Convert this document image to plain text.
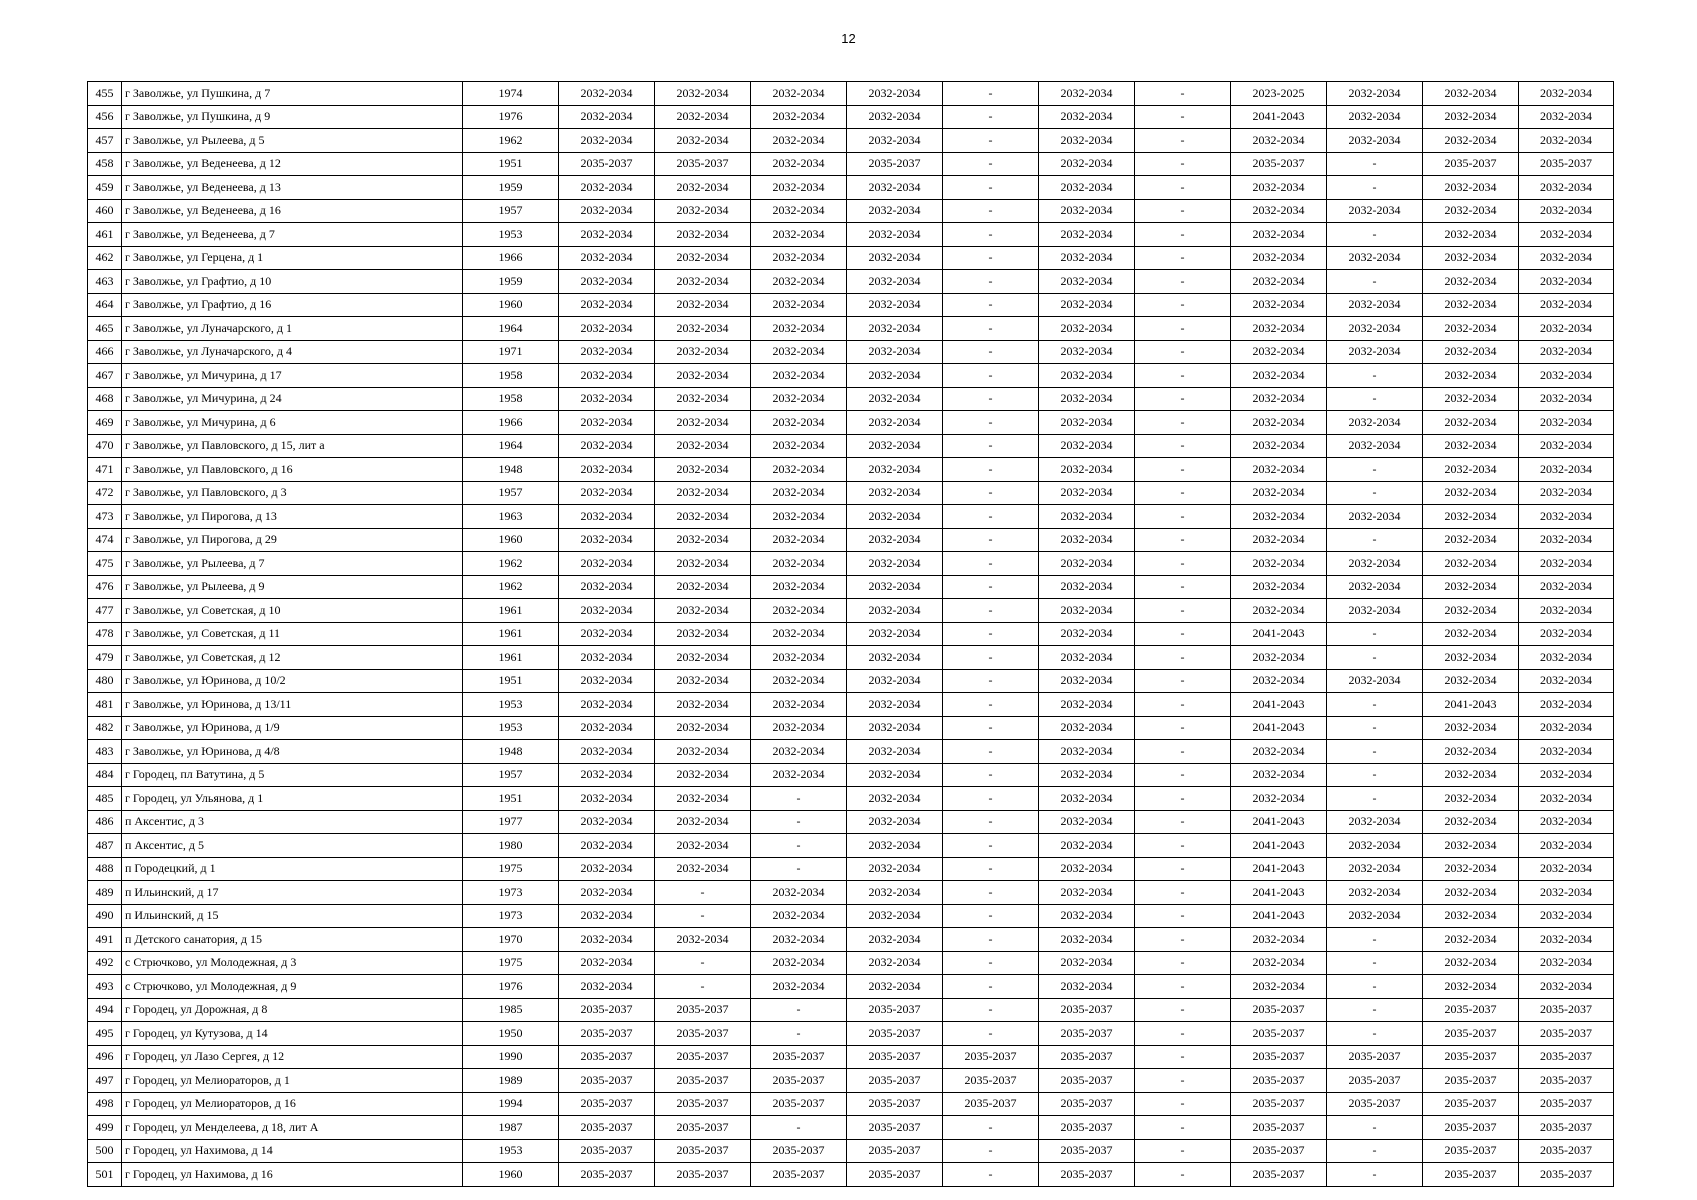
12
455	г Заволжье, ул Пушкина, д 7	1974	2032-2034	2032-2034	2032-2034	2032-2034	-	2032-2034	-	2023-2025	2032-2034	2032-2034	2032-2034
456	г Заволжье, ул Пушкина, д 9	1976	2032-2034	2032-2034	2032-2034	2032-2034	-	2032-2034	-	2041-2043	2032-2034	2032-2034	2032-2034
457	г Заволжье, ул Рылеева, д 5	1962	2032-2034	2032-2034	2032-2034	2032-2034	-	2032-2034	-	2032-2034	2032-2034	2032-2034	2032-2034
458	г Заволжье, ул Веденеева, д 12	1951	2035-2037	2035-2037	2032-2034	2035-2037	-	2032-2034	-	2035-2037	-	2035-2037	2035-2037
459	г Заволжье, ул Веденеева, д 13	1959	2032-2034	2032-2034	2032-2034	2032-2034	-	2032-2034	-	2032-2034	-	2032-2034	2032-2034
460	г Заволжье, ул Веденеева, д 16	1957	2032-2034	2032-2034	2032-2034	2032-2034	-	2032-2034	-	2032-2034	2032-2034	2032-2034	2032-2034
461	г Заволжье, ул Веденеева, д 7	1953	2032-2034	2032-2034	2032-2034	2032-2034	-	2032-2034	-	2032-2034	-	2032-2034	2032-2034
462	г Заволжье, ул Герцена, д 1	1966	2032-2034	2032-2034	2032-2034	2032-2034	-	2032-2034	-	2032-2034	2032-2034	2032-2034	2032-2034
463	г Заволжье, ул Графтио, д 10	1959	2032-2034	2032-2034	2032-2034	2032-2034	-	2032-2034	-	2032-2034	-	2032-2034	2032-2034
464	г Заволжье, ул Графтио, д 16	1960	2032-2034	2032-2034	2032-2034	2032-2034	-	2032-2034	-	2032-2034	2032-2034	2032-2034	2032-2034
465	г Заволжье, ул Луначарского, д 1	1964	2032-2034	2032-2034	2032-2034	2032-2034	-	2032-2034	-	2032-2034	2032-2034	2032-2034	2032-2034
466	г Заволжье, ул Луначарского, д 4	1971	2032-2034	2032-2034	2032-2034	2032-2034	-	2032-2034	-	2032-2034	2032-2034	2032-2034	2032-2034
467	г Заволжье, ул Мичурина, д 17	1958	2032-2034	2032-2034	2032-2034	2032-2034	-	2032-2034	-	2032-2034	-	2032-2034	2032-2034
468	г Заволжье, ул Мичурина, д 24	1958	2032-2034	2032-2034	2032-2034	2032-2034	-	2032-2034	-	2032-2034	-	2032-2034	2032-2034
469	г Заволжье, ул Мичурина, д 6	1966	2032-2034	2032-2034	2032-2034	2032-2034	-	2032-2034	-	2032-2034	2032-2034	2032-2034	2032-2034
470	г Заволжье, ул Павловского, д 15, лит а	1964	2032-2034	2032-2034	2032-2034	2032-2034	-	2032-2034	-	2032-2034	2032-2034	2032-2034	2032-2034
471	г Заволжье, ул Павловского, д 16	1948	2032-2034	2032-2034	2032-2034	2032-2034	-	2032-2034	-	2032-2034	-	2032-2034	2032-2034
472	г Заволжье, ул Павловского, д 3	1957	2032-2034	2032-2034	2032-2034	2032-2034	-	2032-2034	-	2032-2034	-	2032-2034	2032-2034
473	г Заволжье, ул Пирогова, д 13	1963	2032-2034	2032-2034	2032-2034	2032-2034	-	2032-2034	-	2032-2034	2032-2034	2032-2034	2032-2034
474	г Заволжье, ул Пирогова, д 29	1960	2032-2034	2032-2034	2032-2034	2032-2034	-	2032-2034	-	2032-2034	-	2032-2034	2032-2034
475	г Заволжье, ул Рылеева, д 7	1962	2032-2034	2032-2034	2032-2034	2032-2034	-	2032-2034	-	2032-2034	2032-2034	2032-2034	2032-2034
476	г Заволжье, ул Рылеева, д 9	1962	2032-2034	2032-2034	2032-2034	2032-2034	-	2032-2034	-	2032-2034	2032-2034	2032-2034	2032-2034
477	г Заволжье, ул Советская, д 10	1961	2032-2034	2032-2034	2032-2034	2032-2034	-	2032-2034	-	2032-2034	2032-2034	2032-2034	2032-2034
478	г Заволжье, ул Советская, д 11	1961	2032-2034	2032-2034	2032-2034	2032-2034	-	2032-2034	-	2041-2043	-	2032-2034	2032-2034
479	г Заволжье, ул Советская, д 12	1961	2032-2034	2032-2034	2032-2034	2032-2034	-	2032-2034	-	2032-2034	-	2032-2034	2032-2034
480	г Заволжье, ул Юринова, д 10/2	1951	2032-2034	2032-2034	2032-2034	2032-2034	-	2032-2034	-	2032-2034	2032-2034	2032-2034	2032-2034
481	г Заволжье, ул Юринова, д 13/11	1953	2032-2034	2032-2034	2032-2034	2032-2034	-	2032-2034	-	2041-2043	-	2041-2043	2032-2034
482	г Заволжье, ул Юринова, д 1/9	1953	2032-2034	2032-2034	2032-2034	2032-2034	-	2032-2034	-	2041-2043	-	2032-2034	2032-2034
483	г Заволжье, ул Юринова, д 4/8	1948	2032-2034	2032-2034	2032-2034	2032-2034	-	2032-2034	-	2032-2034	-	2032-2034	2032-2034
484	г Городец, пл Ватутина, д 5	1957	2032-2034	2032-2034	2032-2034	2032-2034	-	2032-2034	-	2032-2034	-	2032-2034	2032-2034
485	г Городец, ул Ульянова, д 1	1951	2032-2034	2032-2034	-	2032-2034	-	2032-2034	-	2032-2034	-	2032-2034	2032-2034
486	п Аксентис, д 3	1977	2032-2034	2032-2034	-	2032-2034	-	2032-2034	-	2041-2043	2032-2034	2032-2034	2032-2034
487	п Аксентис, д 5	1980	2032-2034	2032-2034	-	2032-2034	-	2032-2034	-	2041-2043	2032-2034	2032-2034	2032-2034
488	п Городецкий, д 1	1975	2032-2034	2032-2034	-	2032-2034	-	2032-2034	-	2041-2043	2032-2034	2032-2034	2032-2034
489	п Ильинский, д 17	1973	2032-2034	-	2032-2034	2032-2034	-	2032-2034	-	2041-2043	2032-2034	2032-2034	2032-2034
490	п Ильинский, д 15	1973	2032-2034	-	2032-2034	2032-2034	-	2032-2034	-	2041-2043	2032-2034	2032-2034	2032-2034
491	п Детского санатория, д 15	1970	2032-2034	2032-2034	2032-2034	2032-2034	-	2032-2034	-	2032-2034	-	2032-2034	2032-2034
492	с Стрючково, ул Молодежная, д 3	1975	2032-2034	-	2032-2034	2032-2034	-	2032-2034	-	2032-2034	-	2032-2034	2032-2034
493	с Стрючково, ул Молодежная, д 9	1976	2032-2034	-	2032-2034	2032-2034	-	2032-2034	-	2032-2034	-	2032-2034	2032-2034
494	г Городец, ул Дорожная, д 8	1985	2035-2037	2035-2037	-	2035-2037	-	2035-2037	-	2035-2037	-	2035-2037	2035-2037
495	г Городец, ул Кутузова, д 14	1950	2035-2037	2035-2037	-	2035-2037	-	2035-2037	-	2035-2037	-	2035-2037	2035-2037
496	г Городец, ул Лазо Сергея, д 12	1990	2035-2037	2035-2037	2035-2037	2035-2037	2035-2037	2035-2037	-	2035-2037	2035-2037	2035-2037	2035-2037
497	г Городец, ул Мелиораторов, д 1	1989	2035-2037	2035-2037	2035-2037	2035-2037	2035-2037	2035-2037	-	2035-2037	2035-2037	2035-2037	2035-2037
498	г Городец, ул Мелиораторов, д 16	1994	2035-2037	2035-2037	2035-2037	2035-2037	2035-2037	2035-2037	-	2035-2037	2035-2037	2035-2037	2035-2037
499	г Городец, ул Менделеева, д 18, лит А	1987	2035-2037	2035-2037	-	2035-2037	-	2035-2037	-	2035-2037	-	2035-2037	2035-2037
500	г Городец, ул Нахимова, д 14	1953	2035-2037	2035-2037	2035-2037	2035-2037	-	2035-2037	-	2035-2037	-	2035-2037	2035-2037
501	г Городец, ул Нахимова, д 16	1960	2035-2037	2035-2037	2035-2037	2035-2037	-	2035-2037	-	2035-2037	-	2035-2037	2035-2037
